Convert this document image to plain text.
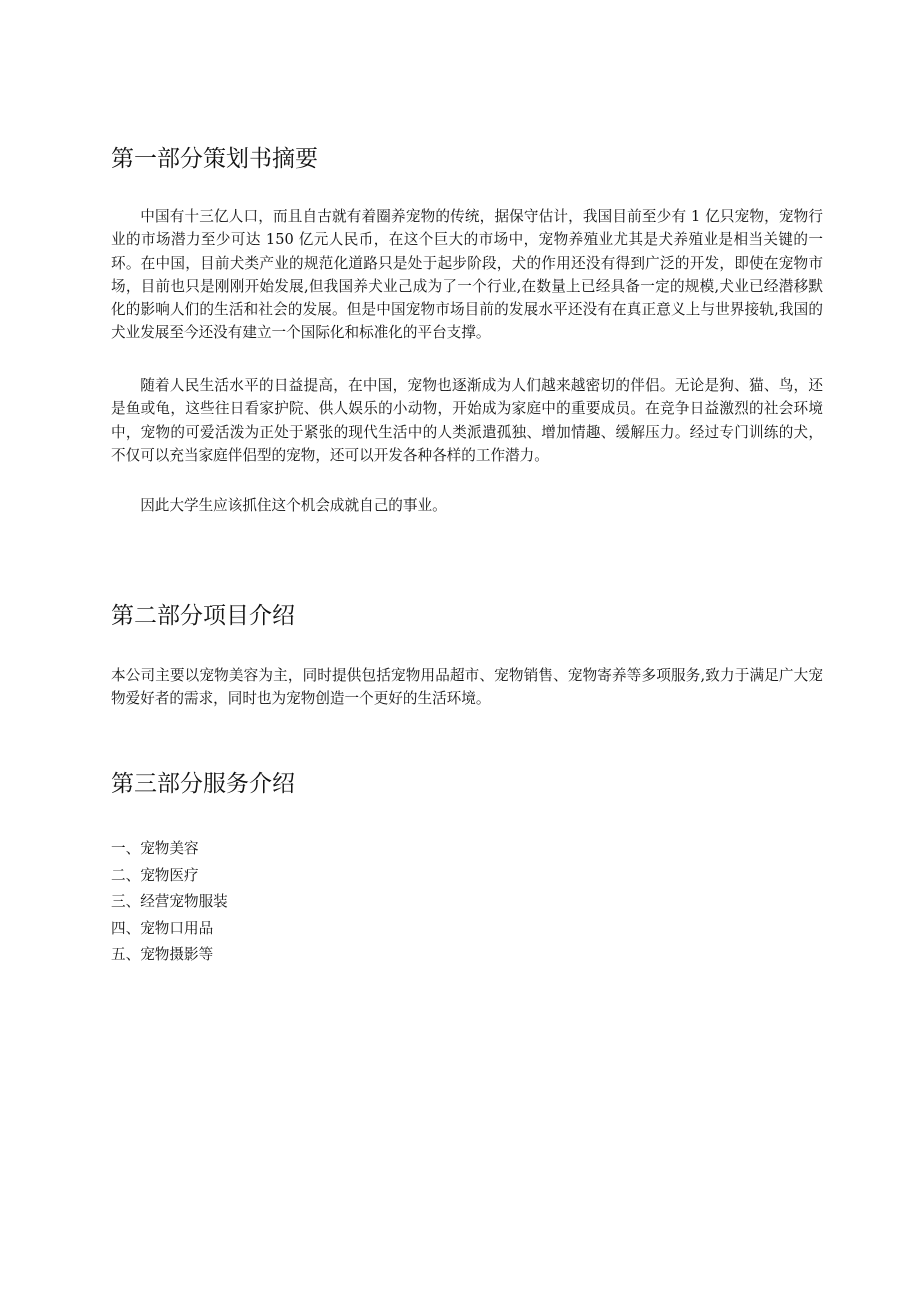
第一部分策划书摘要

中国有十三亿人口，而且自古就有着圈养宠物的传统，据保守估计，我国目前至少有 1 亿只宠物，宠物行业的市场潜力至少可达 150 亿元人民币，在这个巨大的市场中，宠物养殖业尤其是犬养殖业是相当关键的一环。在中国，目前犬类产业的规范化道路只是处于起步阶段，犬的作用还没有得到广泛的开发，即使在宠物市场，目前也只是刚刚开始发展,但我国养犬业己成为了一个行业,在数量上已经具备一定的规模,犬业已经潜移默化的影响人们的生活和社会的发展。但是中国宠物市场目前的发展水平还没有在真正意义上与世界接轨,我国的犬业发展至今还没有建立一个国际化和标准化的平台支撑。

随着人民生活水平的日益提高，在中国，宠物也逐渐成为人们越来越密切的伴侣。无论是狗、猫、鸟，还是鱼或龟，这些往日看家护院、供人娱乐的小动物，开始成为家庭中的重要成员。在竞争日益激烈的社会环境中，宠物的可爱活泼为正处于紧张的现代生活中的人类派遣孤独、增加情趣、缓解压力。经过专门训练的犬，不仅可以充当家庭伴侣型的宠物，还可以开发各种各样的工作潜力。

因此大学生应该抓住这个机会成就自己的事业。

第二部分项目介绍

本公司主要以宠物美容为主，同时提供包括宠物用品超市、宠物销售、宠物寄养等多项服务,致力于满足广大宠物爱好者的需求，同时也为宠物创造一个更好的生活环境。

第三部分服务介绍
一、宠物美容
二、宠物医疗
三、经营宠物服装
四、宠物口用品
五、宠物摄影等
